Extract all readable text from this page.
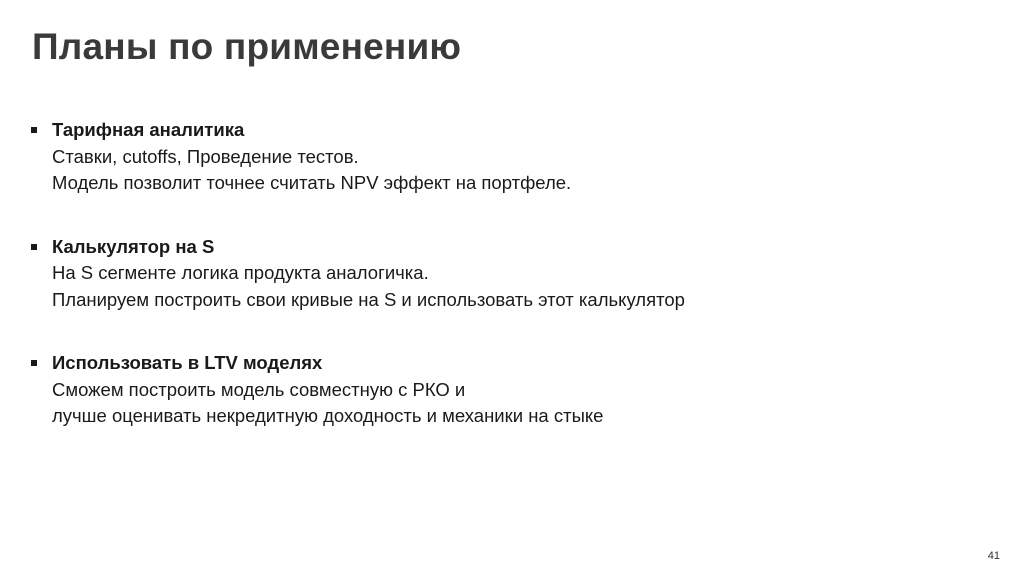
Планы по применению
Тарифная аналитика
Ставки, cutoffs, Проведение тестов.
Модель позволит точнее считать NPV эффект на портфеле.
Калькулятор на S
На S сегменте логика продукта аналогичка.
Планируем построить свои кривые на S и использовать этот калькулятор
Использовать в LTV моделях
Сможем построить модель совместную с РКО и
лучше оценивать некредитную доходность и механики на стыке
41
